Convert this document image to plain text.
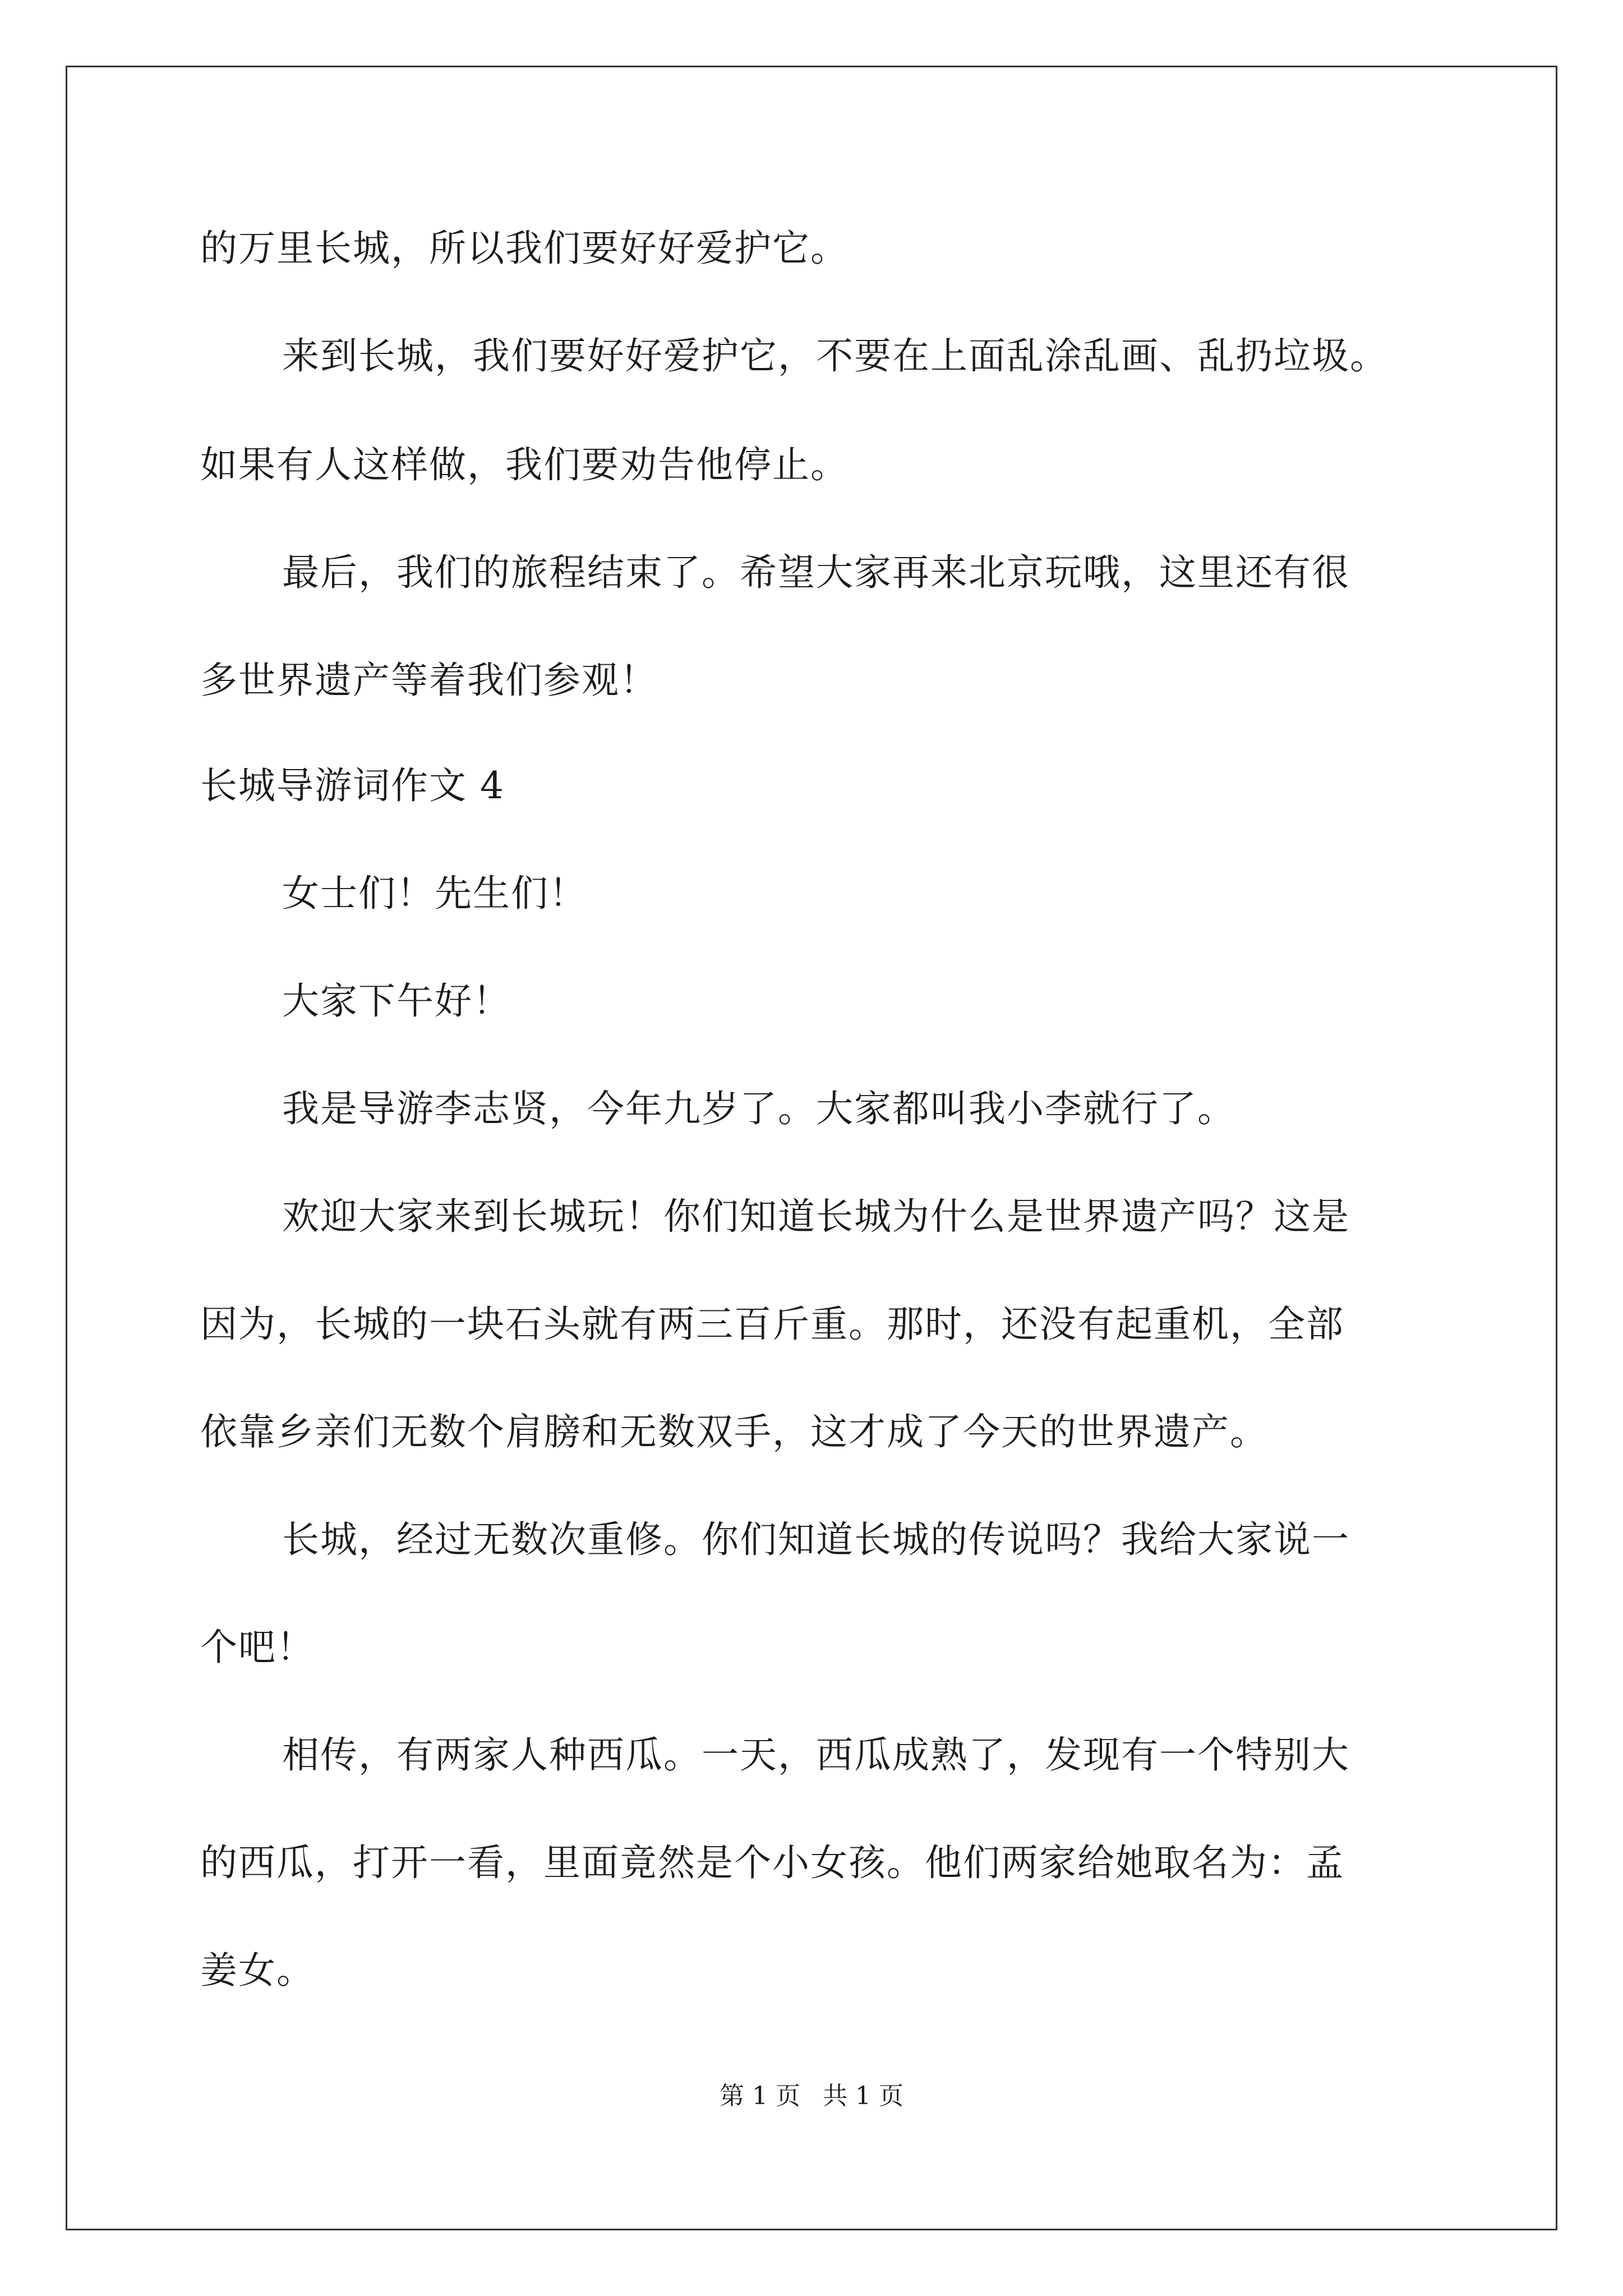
的万里长城，所以我们要好好爱护它。
来到长城，我们要好好爱护它，不要在上面乱涂乱画、乱扔垃圾。
如果有人这样做，我们要劝告他停止。
最后，我们的旅程结束了。希望大家再来北京玩哦，这里还有很
多世界遗产等着我们参观！
长城导游词作文 4
女士们！先生们！
大家下午好！
我是导游李志贤，今年九岁了。大家都叫我小李就行了。
欢迎大家来到长城玩！你们知道长城为什么是世界遗产吗？这是
因为，长城的一块石头就有两三百斤重。那时，还没有起重机，全部
依靠乡亲们无数个肩膀和无数双手，这才成了今天的世界遗产。
长城，经过无数次重修。你们知道长城的传说吗？我给大家说一
个吧！
相传，有两家人种西瓜。一天，西瓜成熟了，发现有一个特别大
的西瓜，打开一看，里面竟然是个小女孩。他们两家给她取名为：孟
姜女。
第 1 页 共 1 页
